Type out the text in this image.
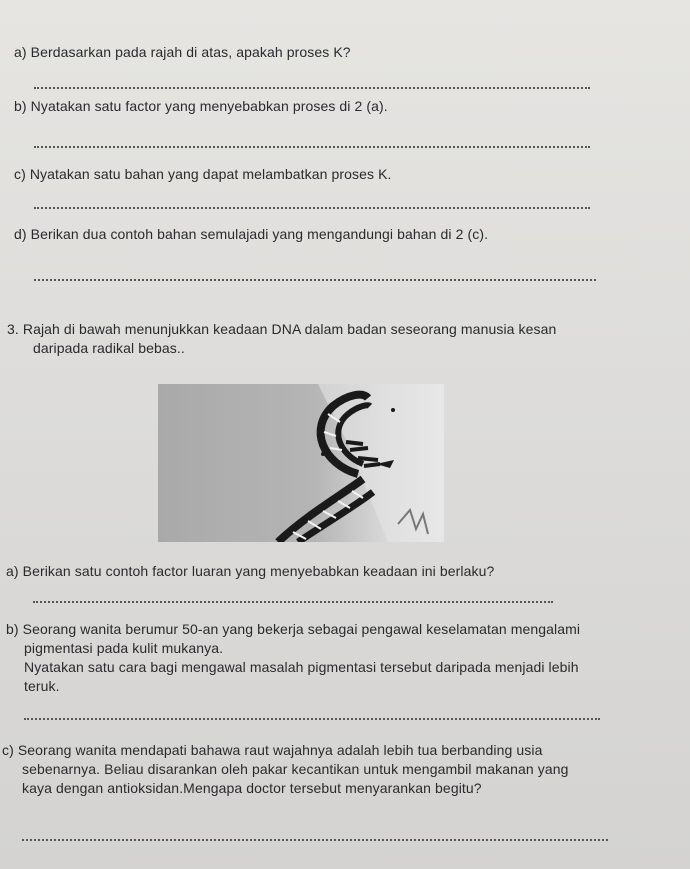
a) Berdasarkan pada rajah di atas, apakah proses K?
b) Nyatakan satu factor yang menyebabkan proses di 2 (a).
c) Nyatakan satu bahan yang dapat melambatkan proses K.
d) Berikan dua contoh bahan semulajadi yang mengandungi bahan di 2 (c).
3. Rajah di bawah menunjukkan keadaan DNA dalam badan seseorang manusia kesan
daripada radikal bebas..
a) Berikan satu contoh factor luaran yang menyebabkan keadaan ini berlaku?
b) Seorang wanita berumur 50-an yang bekerja sebagai pengawal keselamatan mengalami
pigmentasi pada kulit mukanya.
Nyatakan satu cara bagi mengawal masalah pigmentasi tersebut daripada menjadi lebih
teruk.
c) Seorang wanita mendapati bahawa raut wajahnya adalah lebih tua berbanding usia
sebenarnya. Beliau disarankan oleh pakar kecantikan untuk mengambil makanan yang
kaya dengan antioksidan.Mengapa doctor tersebut menyarankan begitu?
